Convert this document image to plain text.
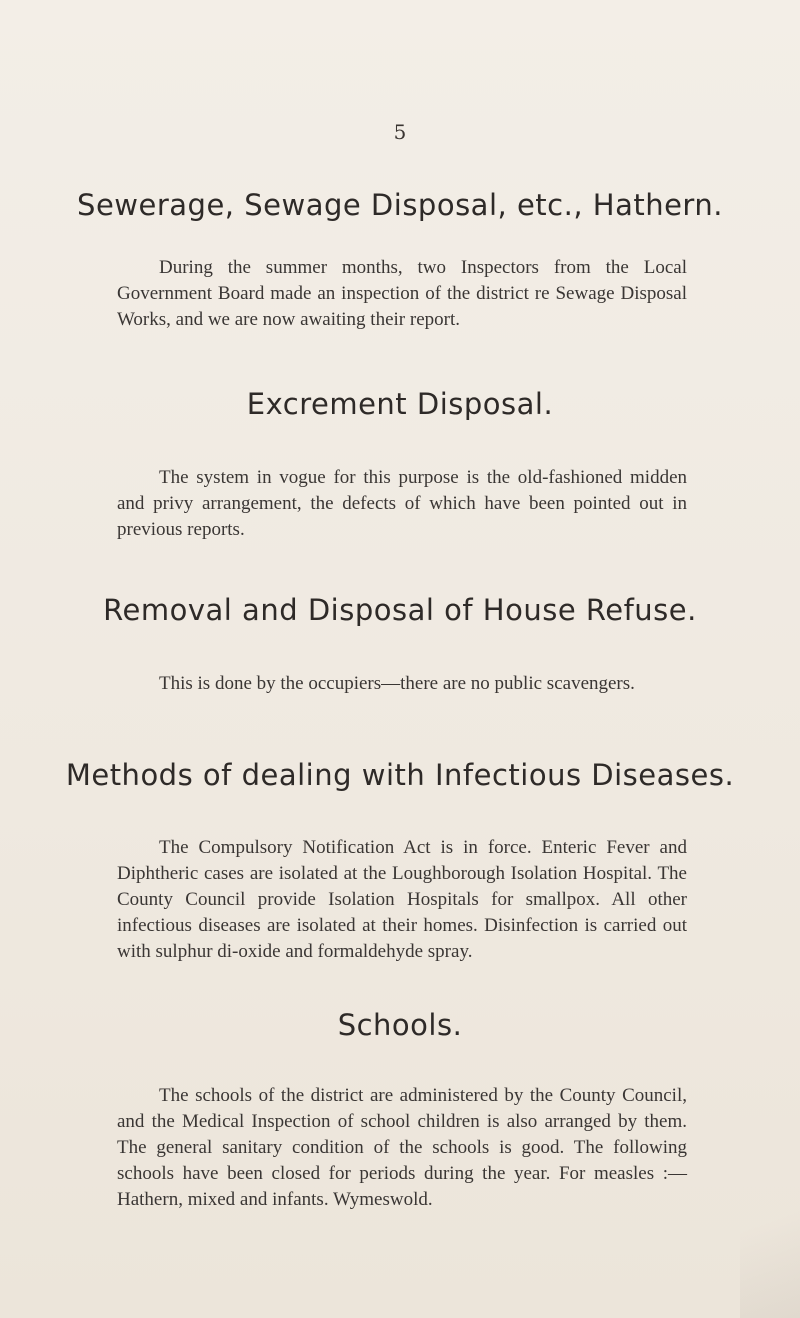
5
Sewerage, Sewage Disposal, etc., Hathern.

During the summer months, two Inspectors from the Local Government Board made an inspection of the district re Sewage Disposal Works, and we are now awaiting their report.

Excrement Disposal.

The system in vogue for this purpose is the old-fashioned midden and privy arrangement, the defects of which have been pointed out in previous reports.

Removal and Disposal of House Refuse.

This is done by the occupiers—there are no public scavengers.

Methods of dealing with Infectious Diseases.

The Compulsory Notification Act is in force. Enteric Fever and Diphtheric cases are isolated at the Loughborough Isolation Hospital. The County Council provide Isolation Hospitals for smallpox. All other infectious diseases are isolated at their homes. Disinfection is carried out with sulphur di-oxide and formaldehyde spray.

Schools.

The schools of the district are administered by the County Council, and the Medical Inspection of school children is also arranged by them. The general sanitary condition of the schools is good. The following schools have been closed for periods during the year. For measles :— Hathern, mixed and infants. Wymeswold.
